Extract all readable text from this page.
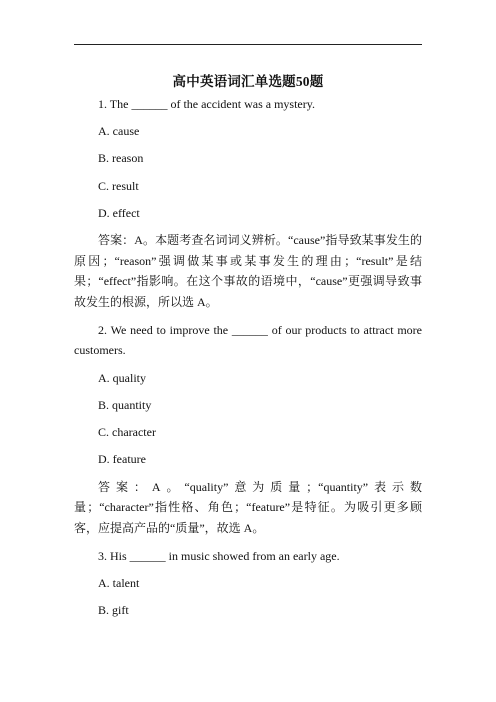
高中英语词汇单选题50题

1. The ______ of the accident was a mystery.

A. cause

B. reason

C. result

D. effect

答案：A。本题考查名词词义辨析。“cause”指导致某事发生的原因；“reason”强调做某事或某事发生的理由；“result”是结果；“effect”指影响。在这个事故的语境中，“cause”更强调导致事故发生的根源，所以选 A。

2. We need to improve the ______ of our products to attract more customers.

A. quality

B. quantity

C. character

D. feature

答案：A。“quality”意为质量；“quantity”表示数量；“character”指性格、角色；“feature”是特征。为吸引更多顾客，应提高产品的“质量”，故选 A。

3. His ______ in music showed from an early age.

A. talent

B. gift
